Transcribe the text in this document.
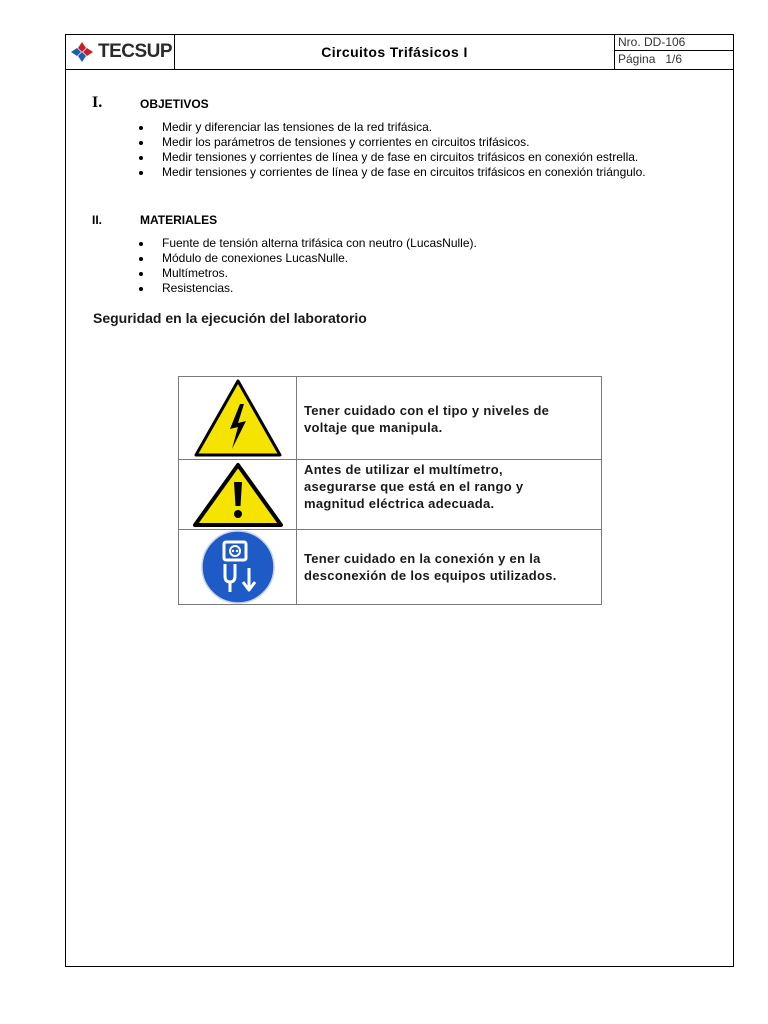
TECSUP	Circuitos Trifásicos I
Nro. DD-106
Página   1/6
I.	OBJETIVOS
Medir y diferenciar las tensiones de la red trifásica.
Medir los parámetros de tensiones y corrientes en circuitos trifásicos.
Medir tensiones y corrientes de línea y de fase en circuitos trifásicos en conexión estrella.
Medir tensiones y corrientes de línea y de fase en circuitos trifásicos en conexión triángulo.
II.	MATERIALES
Fuente de tensión alterna trifásica con neutro (LucasNulle).
Módulo de conexiones LucasNulle.
Multímetros.
Resistencias.
Seguridad en la ejecución del laboratorio
Tener cuidado con el tipo y niveles de
voltaje que manipula.
Antes de utilizar el multímetro,
asegurarse que está en el rango y
magnitud eléctrica adecuada.
Tener cuidado en la conexión y en la
desconexión de los equipos utilizados.
